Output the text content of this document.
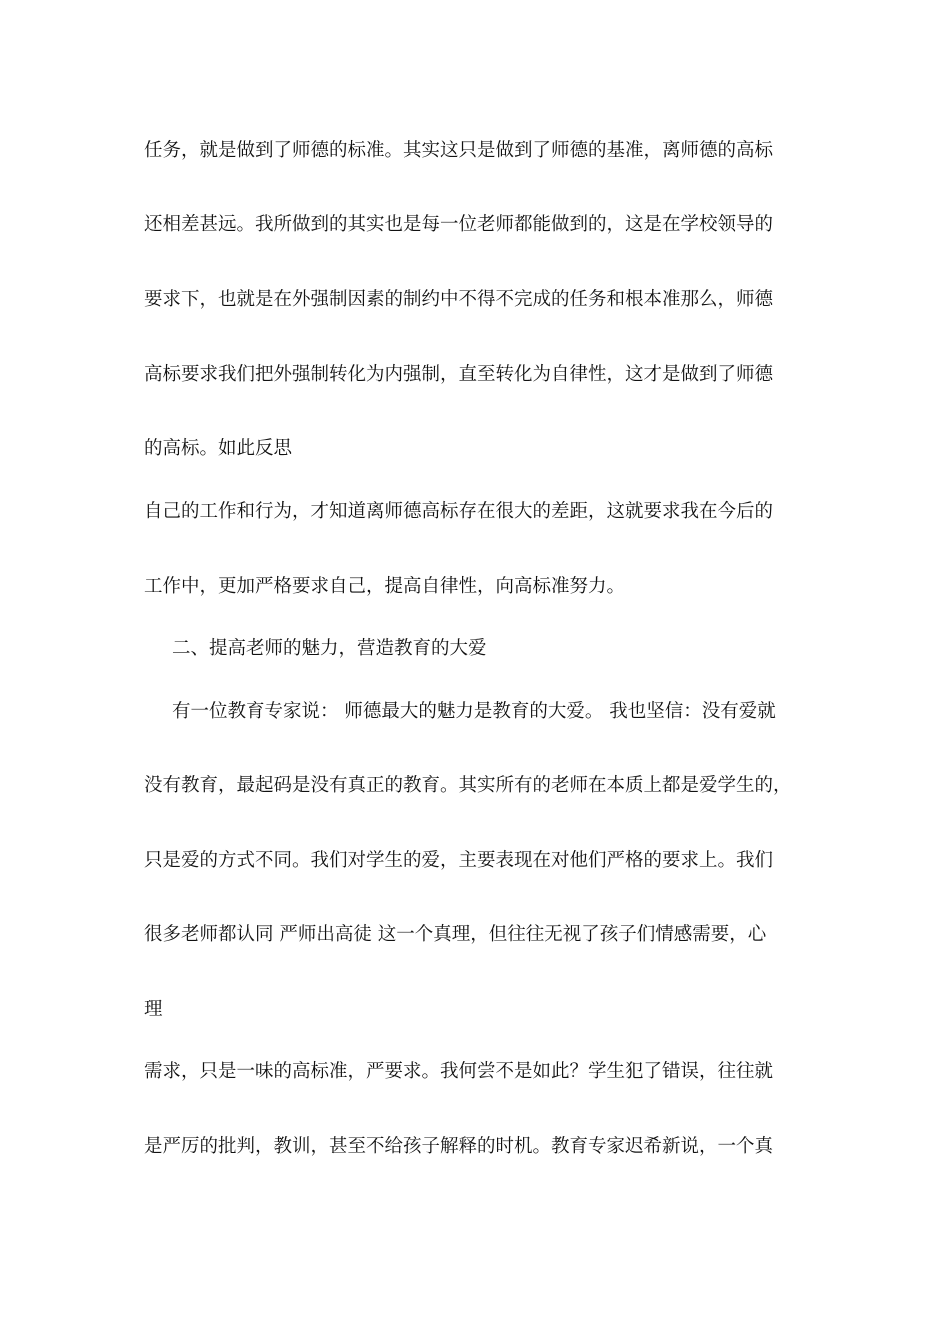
任务，就是做到了师德的标准。其实这只是做到了师德的基准，离师德的高标
还相差甚远。我所做到的其实也是每一位老师都能做到的，这是在学校领导的
要求下，也就是在外强制因素的制约中不得不完成的任务和根本准那么，师德
高标要求我们把外强制转化为内强制，直至转化为自律性，这才是做到了师德
的高标。如此反思
自己的工作和行为，才知道离师德高标存在很大的差距，这就要求我在今后的
工作中，更加严格要求自己，提高自律性，向高标准努力。
二、提高老师的魅力，营造教育的大爱
有一位教育专家说： 师德最大的魅力是教育的大爱。 我也坚信：没有爱就
没有教育，最起码是没有真正的教育。其实所有的老师在本质上都是爱学生的，
只是爱的方式不同。我们对学生的爱，主要表现在对他们严格的要求上。我们
很多老师都认同 严师出高徒 这一个真理，但往往无视了孩子们情感需要，心
理
需求，只是一味的高标准，严要求。我何尝不是如此？学生犯了错误，往往就
是严厉的批判，教训，甚至不给孩子解释的时机。教育专家迟希新说，一个真
